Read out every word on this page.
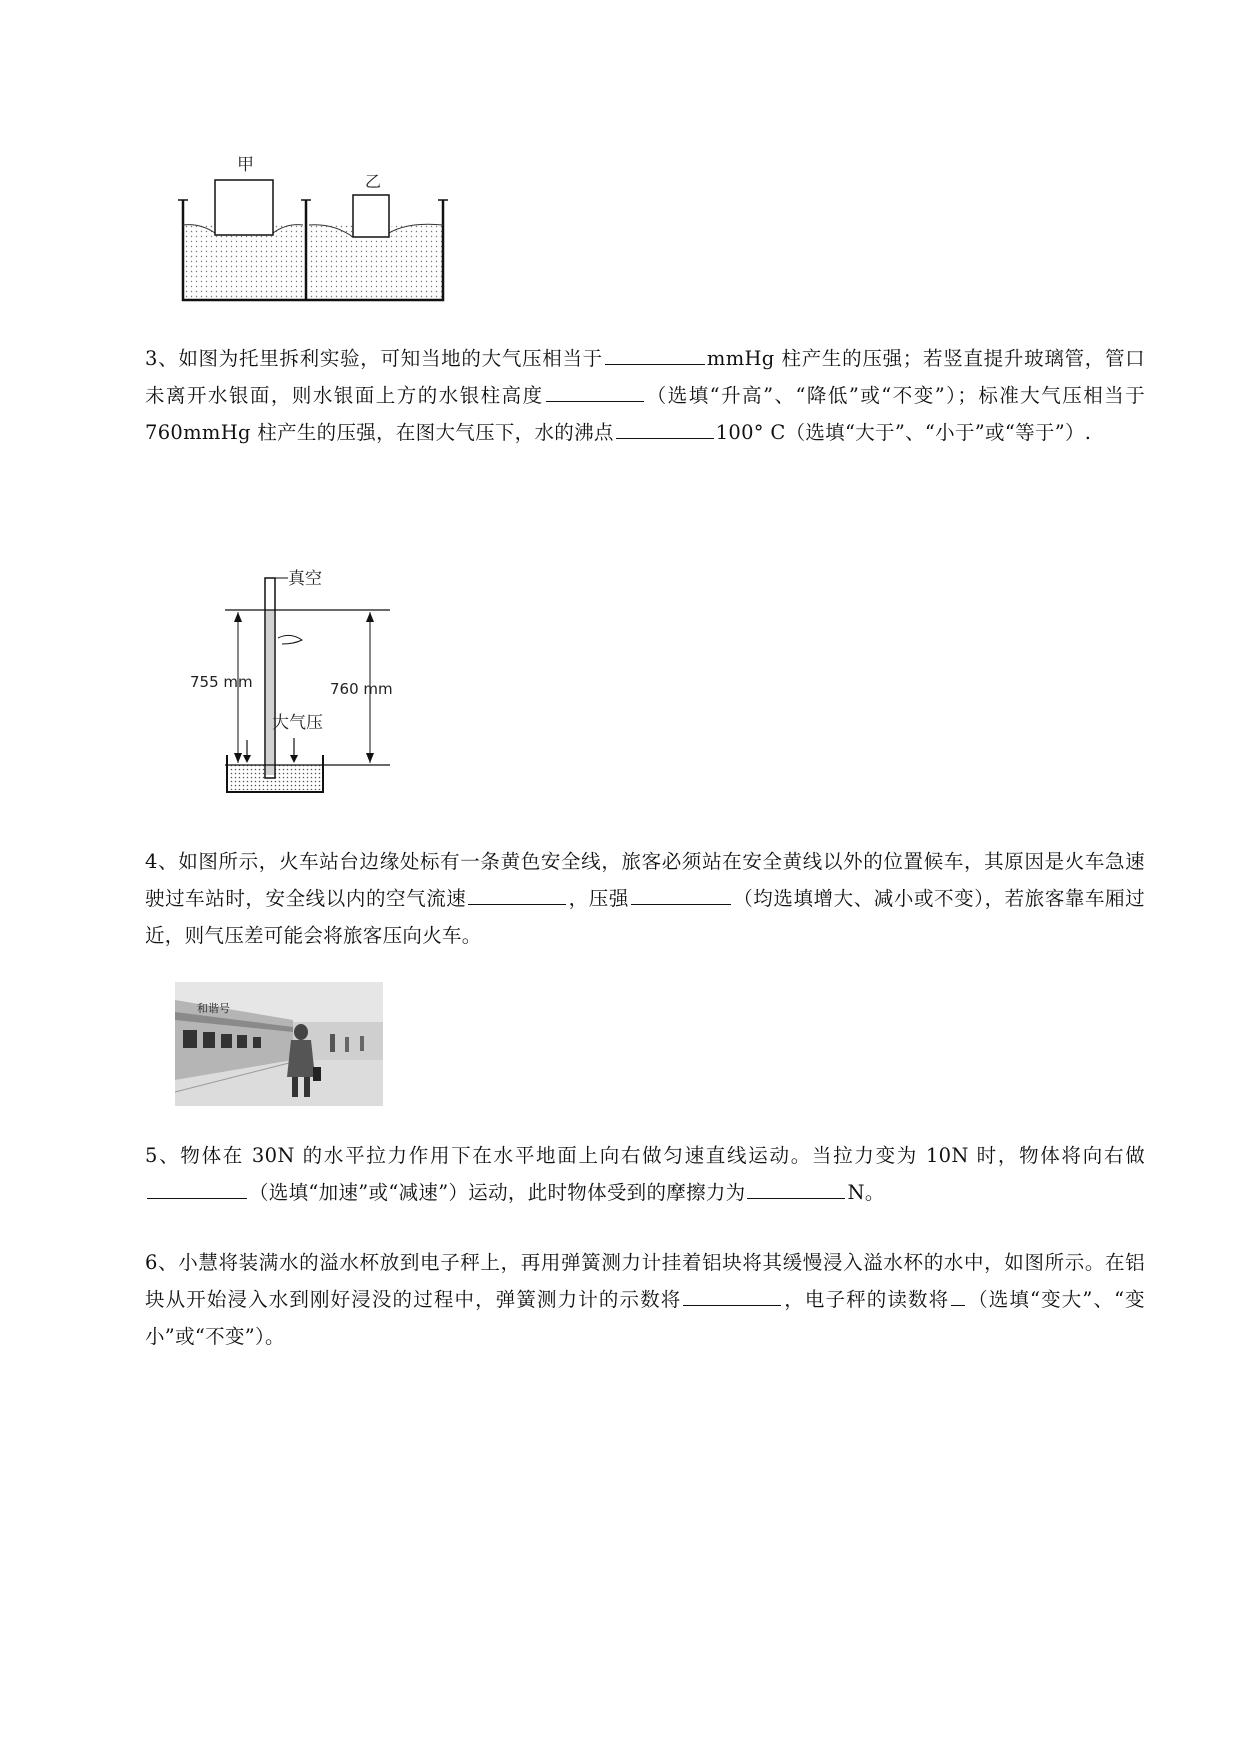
甲
乙
3、如图为托里拆利实验，可知当地的大气压相当于	mmHg 柱产生的压强；若竖直提升玻璃管，管口未离开水银面，则水银面上方的水银柱高度	（选填“升高”、“降低”或“不变”）；标准大气压相当于 760mmHg 柱产生的压强，在图大气压下，水的沸点	100° C（选填“大于”、“小于”或“等于”）.
真空
755 mm	760 mm
大气压
4、如图所示，火车站台边缘处标有一条黄色安全线，旅客必须站在安全黄线以外的位置候车，其原因是火车急速驶过车站时，安全线以内的空气流速	，压强	（均选填增大、减小或不变），若旅客靠车厢过近，则气压差可能会将旅客压向火车。
和谐号
5、物体在 30N 的水平拉力作用下在水平地面上向右做匀速直线运动。当拉力变为 10N 时，物体将向右做（选填“加速”或“减速”）运动，此时物体受到的摩擦力为	N。
6、小慧将装满水的溢水杯放到电子秤上，再用弹簧测力计挂着铝块将其缓慢浸入溢水杯的水中，如图所示。在铝块从开始浸入水到刚好浸没的过程中，弹簧测力计的示数将	，电子秤的读数将 （选填“变大”、“变小”或“不变”）。
